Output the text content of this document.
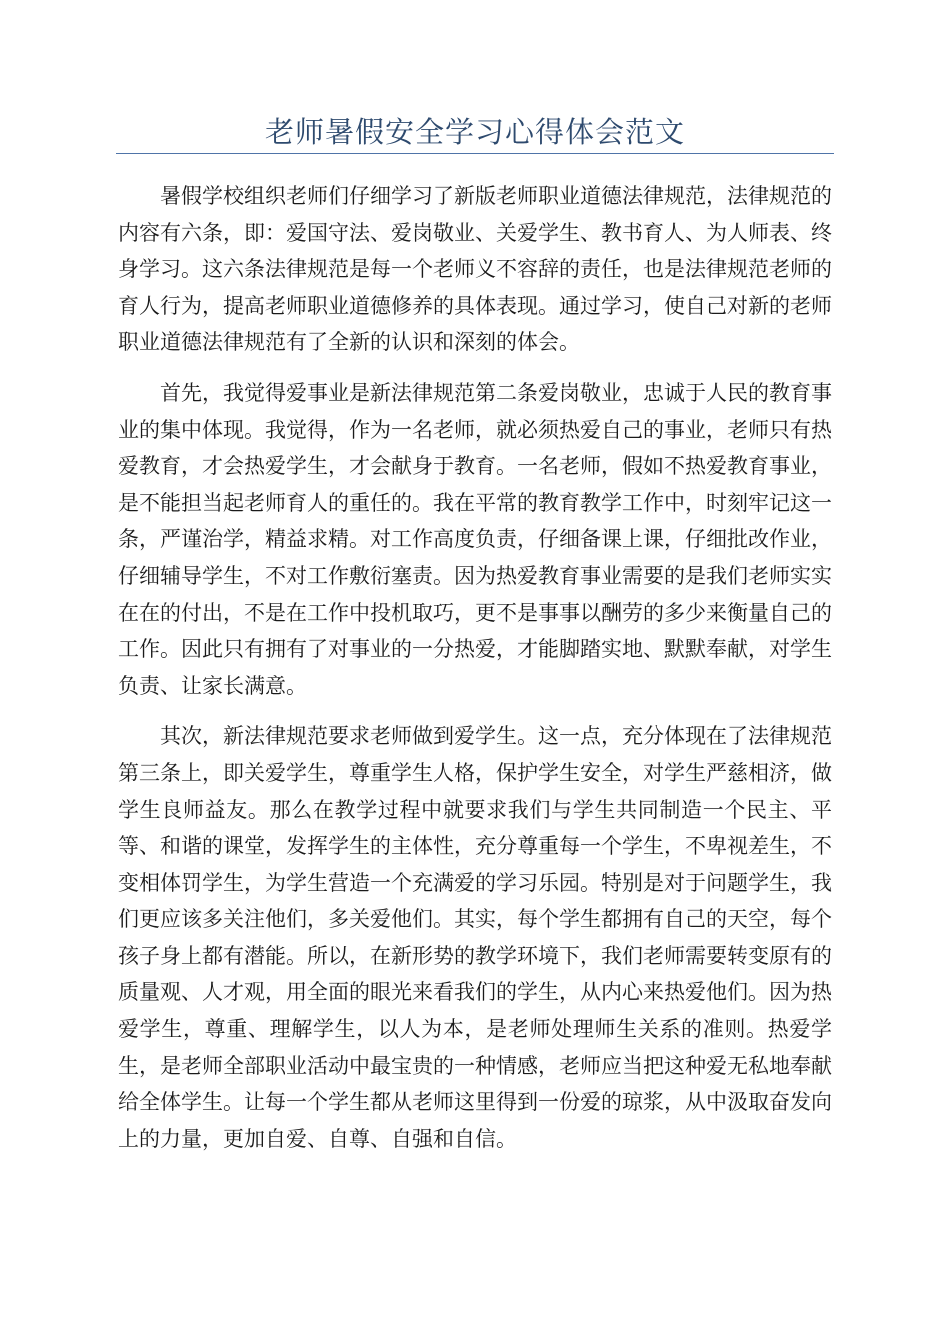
老师暑假安全学习心得体会范文

暑假学校组织老师们仔细学习了新版老师职业道德法律规范，法律规范的内容有六条，即：爱国守法、爱岗敬业、关爱学生、教书育人、为人师表、终身学习。这六条法律规范是每一个老师义不容辞的责任，也是法律规范老师的育人行为，提高老师职业道德修养的具体表现。通过学习，使自己对新的老师职业道德法律规范有了全新的认识和深刻的体会。

首先，我觉得爱事业是新法律规范第二条爱岗敬业，忠诚于人民的教育事业的集中体现。我觉得，作为一名老师，就必须热爱自己的事业，老师只有热爱教育，才会热爱学生，才会献身于教育。一名老师，假如不热爱教育事业，是不能担当起老师育人的重任的。我在平常的教育教学工作中，时刻牢记这一条，严谨治学，精益求精。对工作高度负责，仔细备课上课，仔细批改作业，仔细辅导学生，不对工作敷衍塞责。因为热爱教育事业需要的是我们老师实实在在的付出，不是在工作中投机取巧，更不是事事以酬劳的多少来衡量自己的工作。因此只有拥有了对事业的一分热爱，才能脚踏实地、默默奉献，对学生负责、让家长满意。

其次，新法律规范要求老师做到爱学生。这一点，充分体现在了法律规范第三条上，即关爱学生，尊重学生人格，保护学生安全，对学生严慈相济，做学生良师益友。那么在教学过程中就要求我们与学生共同制造一个民主、平等、和谐的课堂，发挥学生的主体性，充分尊重每一个学生，不卑视差生，不变相体罚学生，为学生营造一个充满爱的学习乐园。特别是对于问题学生，我们更应该多关注他们，多关爱他们。其实，每个学生都拥有自己的天空，每个孩子身上都有潜能。所以，在新形势的教学环境下，我们老师需要转变原有的质量观、人才观，用全面的眼光来看我们的学生，从内心来热爱他们。因为热爱学生，尊重、理解学生，以人为本，是老师处理师生关系的准则。热爱学生，是老师全部职业活动中最宝贵的一种情感，老师应当把这种爱无私地奉献给全体学生。让每一个学生都从老师这里得到一份爱的琼浆，从中汲取奋发向上的力量，更加自爱、自尊、自强和自信。
